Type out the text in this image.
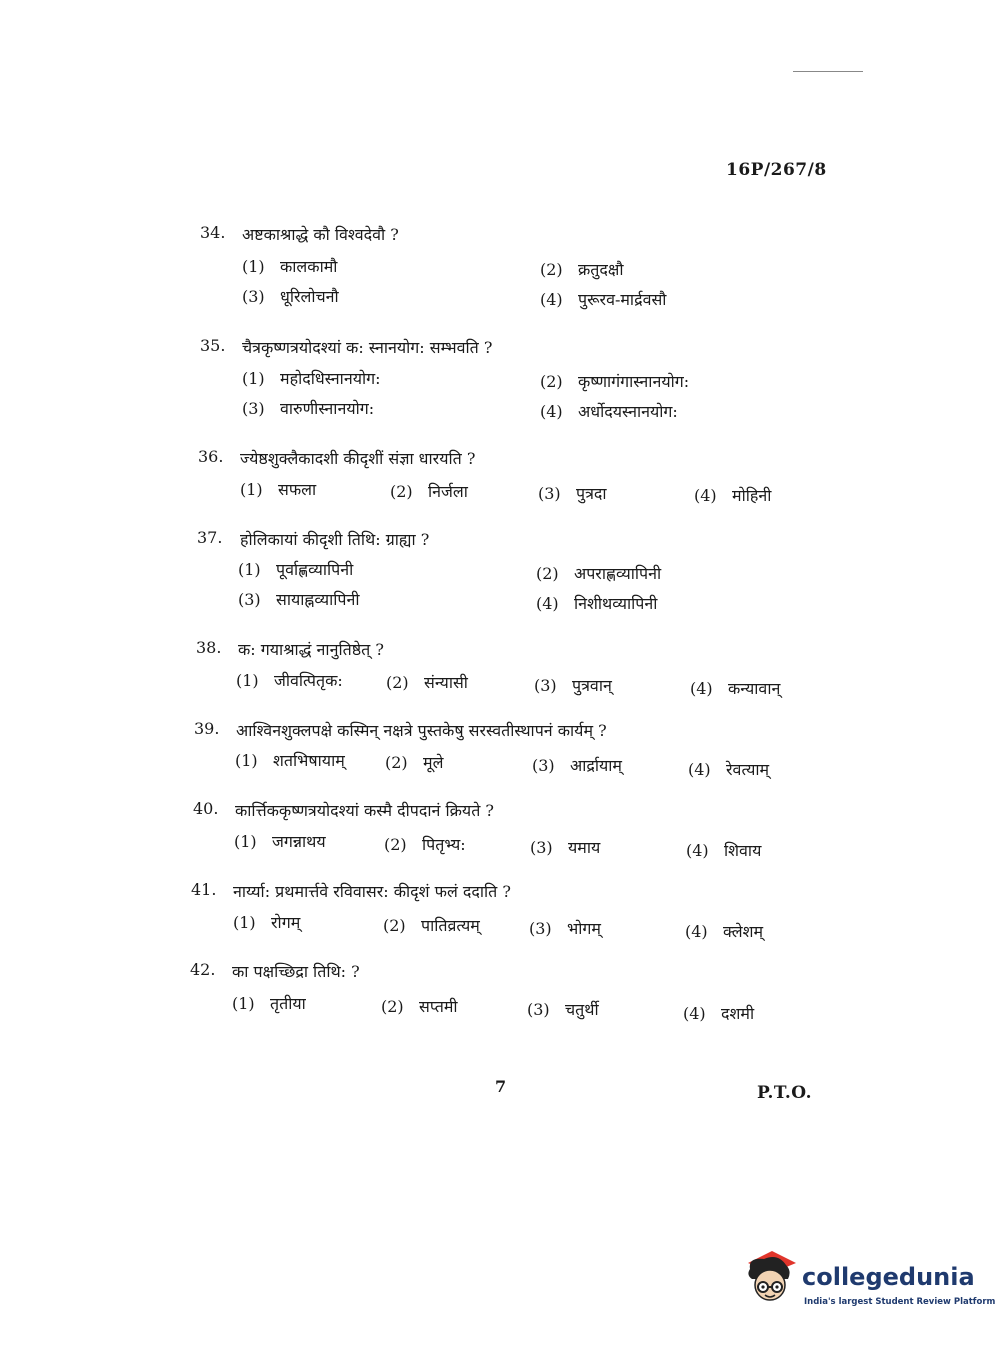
16P/267/8
34.	अष्टकाश्राद्धे कौ विश्वदेवौ ?
(1) कालकामौ	(2) क्रतुदक्षौ
(3) धूरिलोचनौ	(4) पुरूरव-मार्द्रवसौ
35.	चैत्रकृष्णत्रयोदश्यां क: स्नानयोग: सम्भवति ?
(1) महोदधिस्नानयोग:	(2) कृष्णागंगास्नानयोग:
(3) वारुणीस्नानयोग:	(4) अर्धोदयस्नानयोग:
36.	ज्येष्ठशुक्लैकादशी कीदृशीं संज्ञा धारयति ?
(1) सफला	(2) निर्जला	(3) पुत्रदा	(4) मोहिनी
37.	होलिकायां कीदृशी तिथि: ग्राह्या ?
(1) पूर्वाह्णव्यापिनी	(2) अपराह्णव्यापिनी
(3) सायाह्नव्यापिनी	(4) निशीथव्यापिनी
38.	क: गयाश्राद्धं नानुतिष्ठेत् ?
(1) जीवत्पितृक:	(2) संन्यासी	(3) पुत्रवान्	(4) कन्यावान्
39.	आश्विनशुक्लपक्षे कस्मिन् नक्षत्रे पुस्तकेषु सरस्वतीस्थापनं कार्यम् ?
(1) शतभिषायाम्	(2) मूले	(3) आर्द्रायाम्	(4) रेवत्याम्
40.	कार्त्तिककृष्णत्रयोदश्यां कस्मै दीपदानं क्रियते ?
(1) जगन्नाथय	(2) पितृभ्य:	(3) यमाय	(4) शिवाय
41.	नार्य्या: प्रथमार्त्तवे रविवासर: कीदृशं फलं ददाति ?
(1) रोगम्	(2) पातिव्रत्यम्	(3) भोगम्	(4) क्लेशम्
42.	का पक्षच्छिद्रा तिथि: ?
(1) तृतीया	(2) सप्तमी	(3) चतुर्थी	(4) दशमी
7	P.T.O.
collegedunia
India's largest Student Review Platform
